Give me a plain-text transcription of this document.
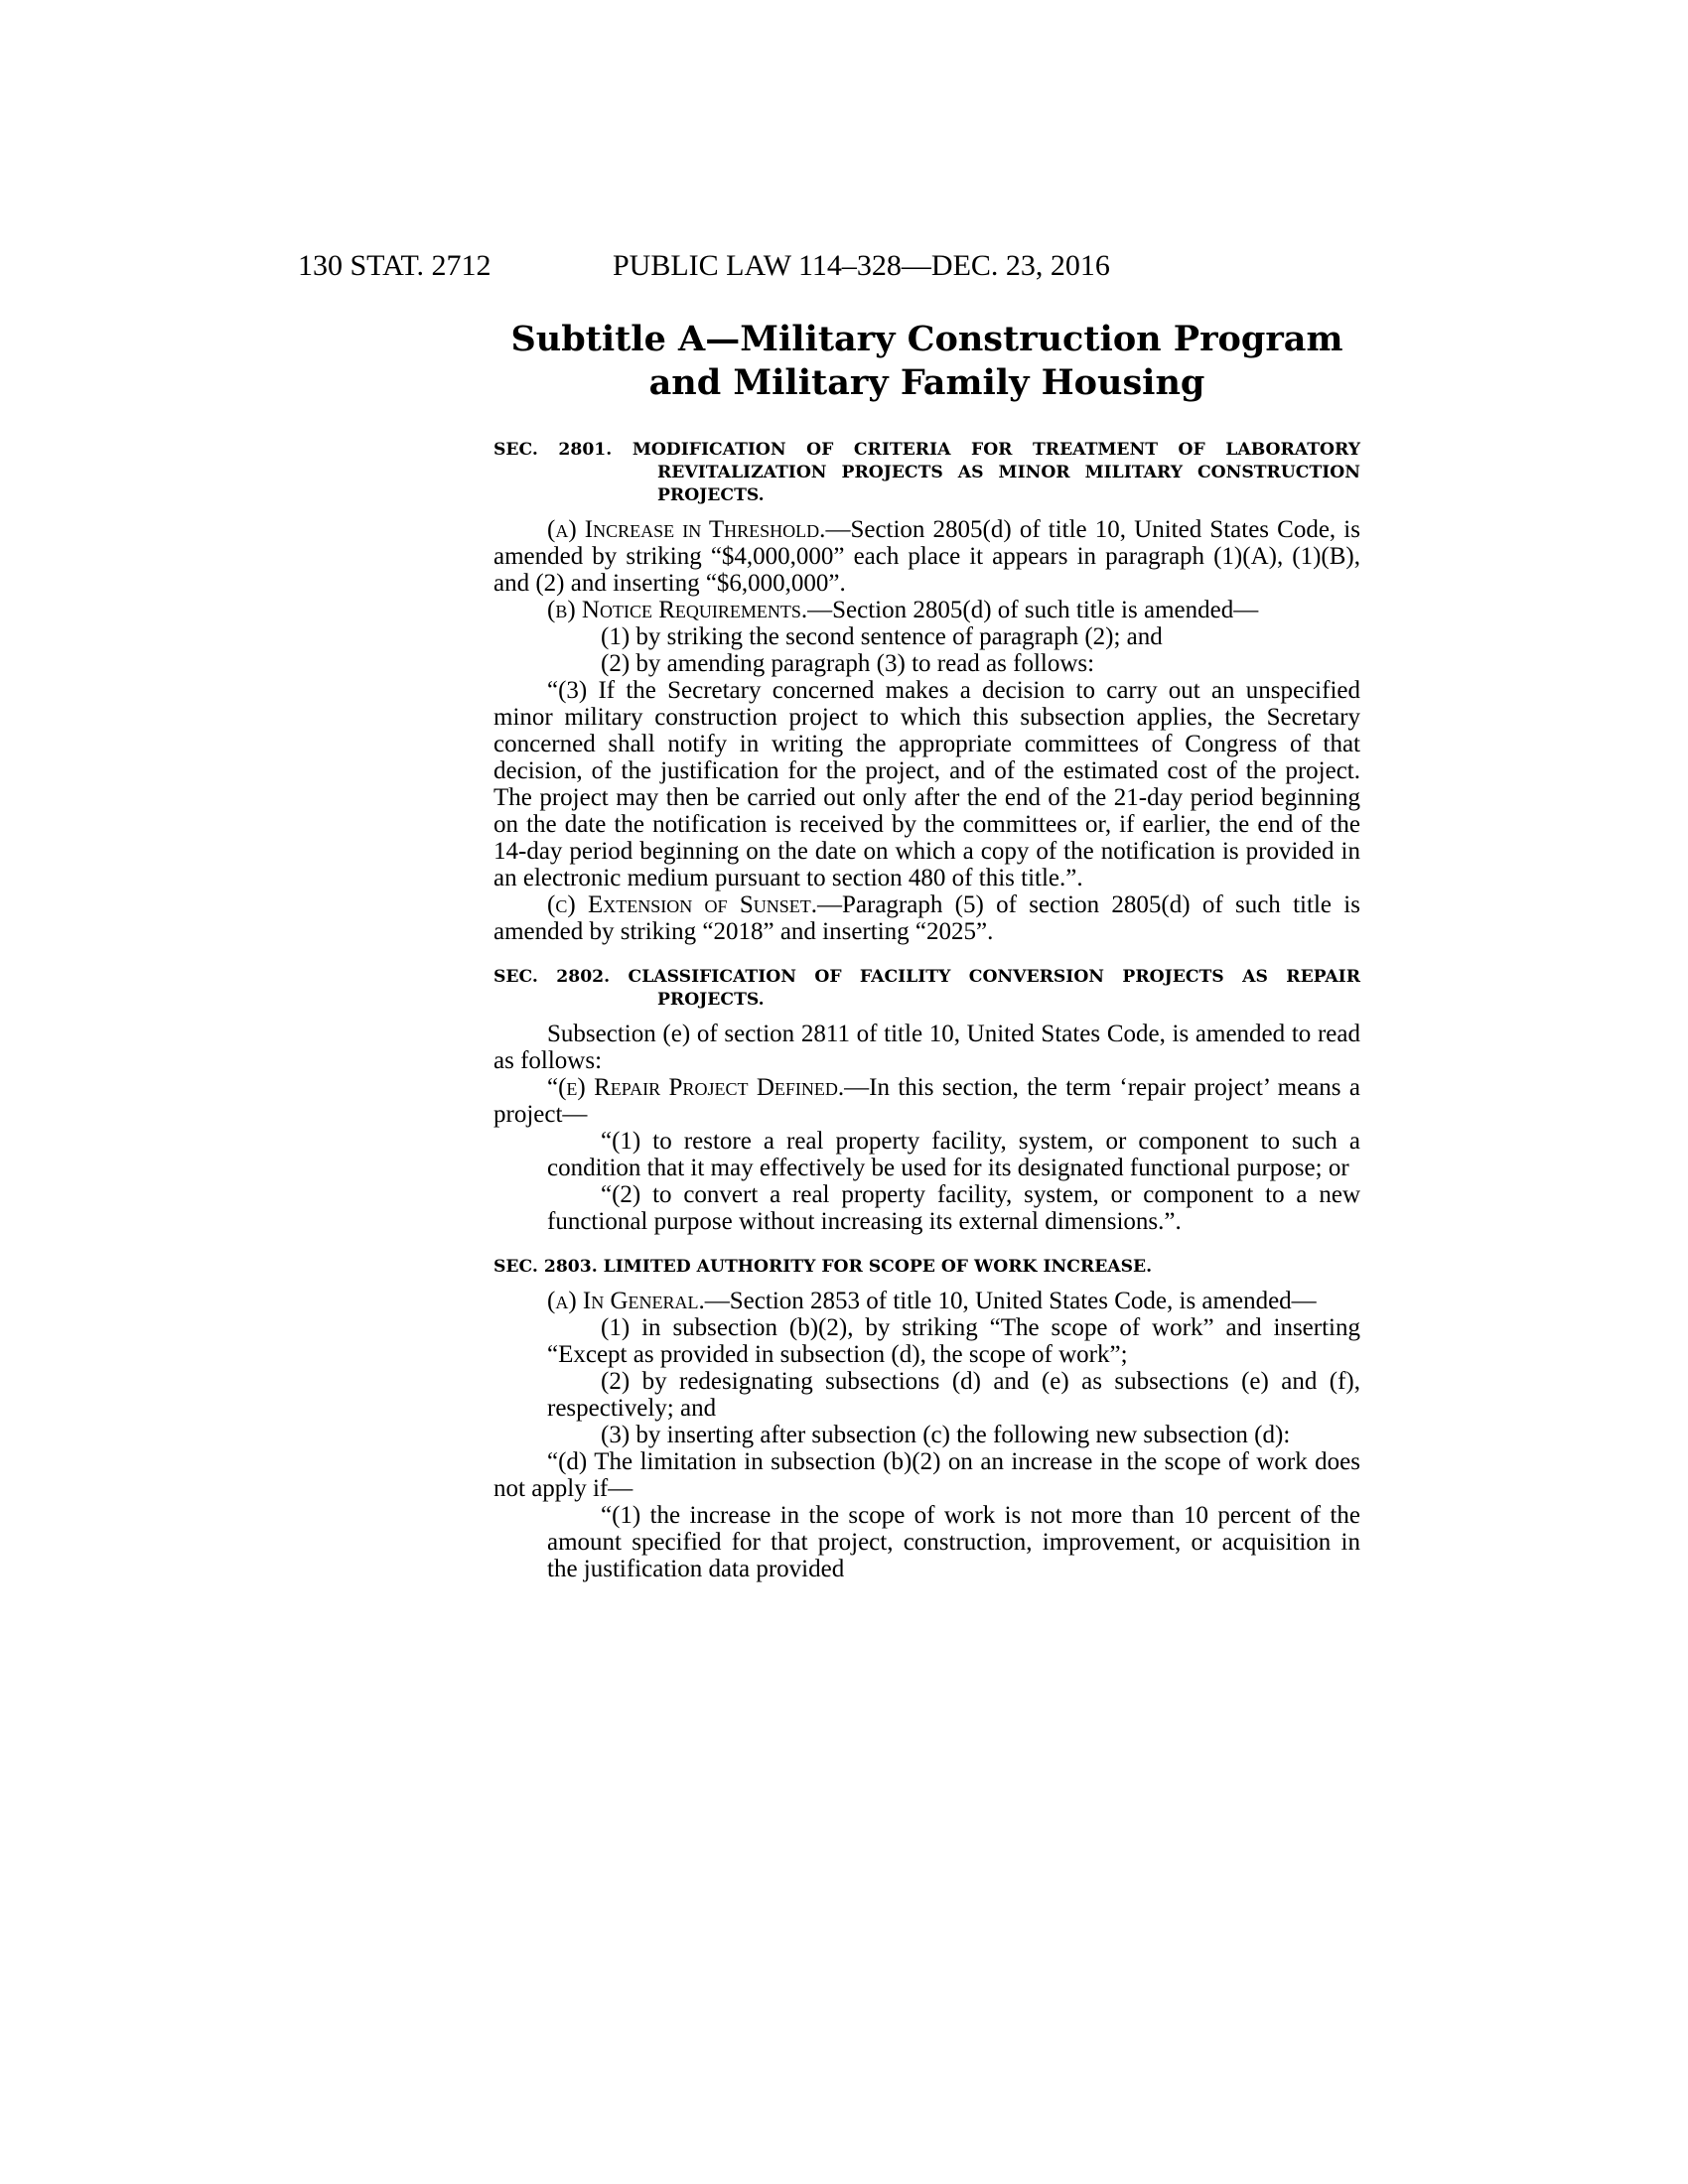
130 STAT. 2712	PUBLIC LAW 114–328—DEC. 23, 2016
Subtitle A—Military Construction Program
and Military Family Housing
SEC. 2801. MODIFICATION OF CRITERIA FOR TREATMENT OF LABORATORY REVITALIZATION PROJECTS AS MINOR MILITARY CONSTRUCTION PROJECTS.

(a) Increase in Threshold.—Section 2805(d) of title 10, United States Code, is amended by striking “$4,000,000” each place it appears in paragraph (1)(A), (1)(B), and (2) and inserting “$6,000,000”.

(b) Notice Requirements.—Section 2805(d) of such title is amended—

(1) by striking the second sentence of paragraph (2); and

(2) by amending paragraph (3) to read as follows:

“(3) If the Secretary concerned makes a decision to carry out an unspecified minor military construction project to which this subsection applies, the Secretary concerned shall notify in writing the appropriate committees of Congress of that decision, of the justification for the project, and of the estimated cost of the project. The project may then be carried out only after the end of the 21-day period beginning on the date the notification is received by the committees or, if earlier, the end of the 14-day period beginning on the date on which a copy of the notification is provided in an electronic medium pursuant to section 480 of this title.”.

(c) Extension of Sunset.—Paragraph (5) of section 2805(d) of such title is amended by striking “2018” and inserting “2025”.

SEC. 2802. CLASSIFICATION OF FACILITY CONVERSION PROJECTS AS REPAIR PROJECTS.

Subsection (e) of section 2811 of title 10, United States Code, is amended to read as follows:

“(e) Repair Project Defined.—In this section, the term ‘repair project’ means a project—

“(1) to restore a real property facility, system, or component to such a condition that it may effectively be used for its designated functional purpose; or

“(2) to convert a real property facility, system, or component to a new functional purpose without increasing its external dimensions.”.

SEC. 2803. LIMITED AUTHORITY FOR SCOPE OF WORK INCREASE.

(a) In General.—Section 2853 of title 10, United States Code, is amended—

(1) in subsection (b)(2), by striking “The scope of work” and inserting “Except as provided in subsection (d), the scope of work”;

(2) by redesignating subsections (d) and (e) as subsections (e) and (f), respectively; and

(3) by inserting after subsection (c) the following new subsection (d):

“(d) The limitation in subsection (b)(2) on an increase in the scope of work does not apply if—

“(1) the increase in the scope of work is not more than 10 percent of the amount specified for that project, construction, improvement, or acquisition in the justification data provided
